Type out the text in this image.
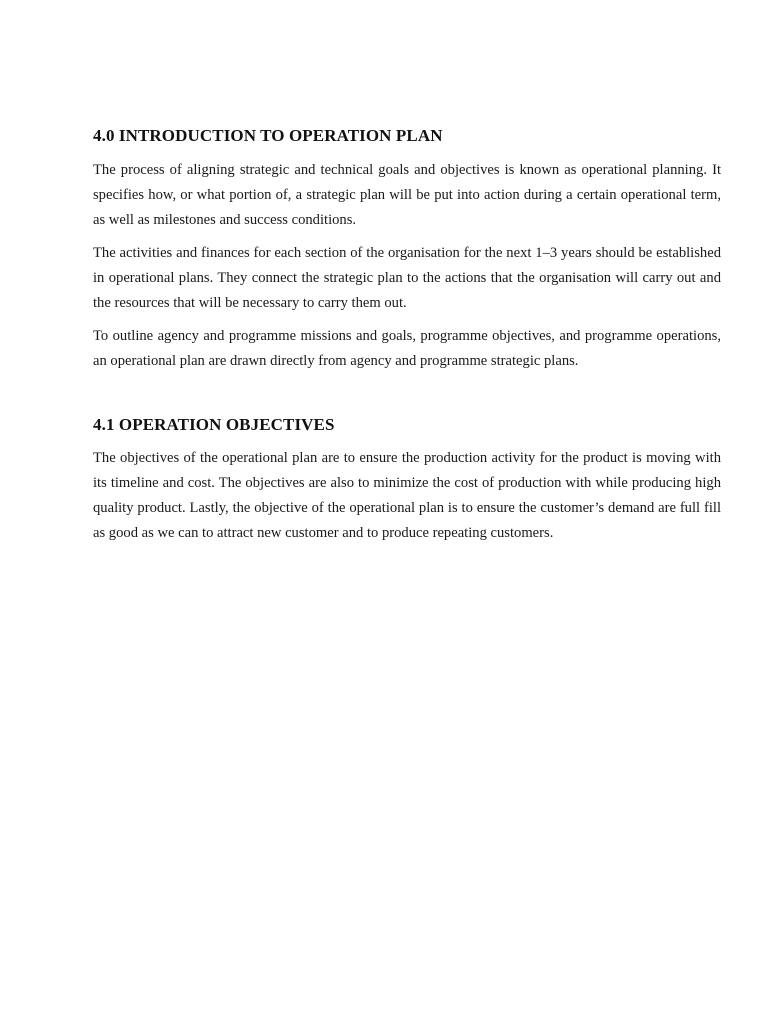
4.0 INTRODUCTION TO OPERATION PLAN

The process of aligning strategic and technical goals and objectives is known as operational planning. It specifies how, or what portion of, a strategic plan will be put into action during a certain operational term, as well as milestones and success conditions.

The activities and finances for each section of the organisation for the next 1–3 years should be established in operational plans. They connect the strategic plan to the actions that the organisation will carry out and the resources that will be necessary to carry them out.

To outline agency and programme missions and goals, programme objectives, and programme operations, an operational plan are drawn directly from agency and programme strategic plans.

4.1 OPERATION OBJECTIVES

The objectives of the operational plan are to ensure the production activity for the product is moving with its timeline and cost. The objectives are also to minimize the cost of production with while producing high quality product. Lastly, the objective of the operational plan is to ensure the customer’s demand are full fill as good as we can to attract new customer and to produce repeating customers.
